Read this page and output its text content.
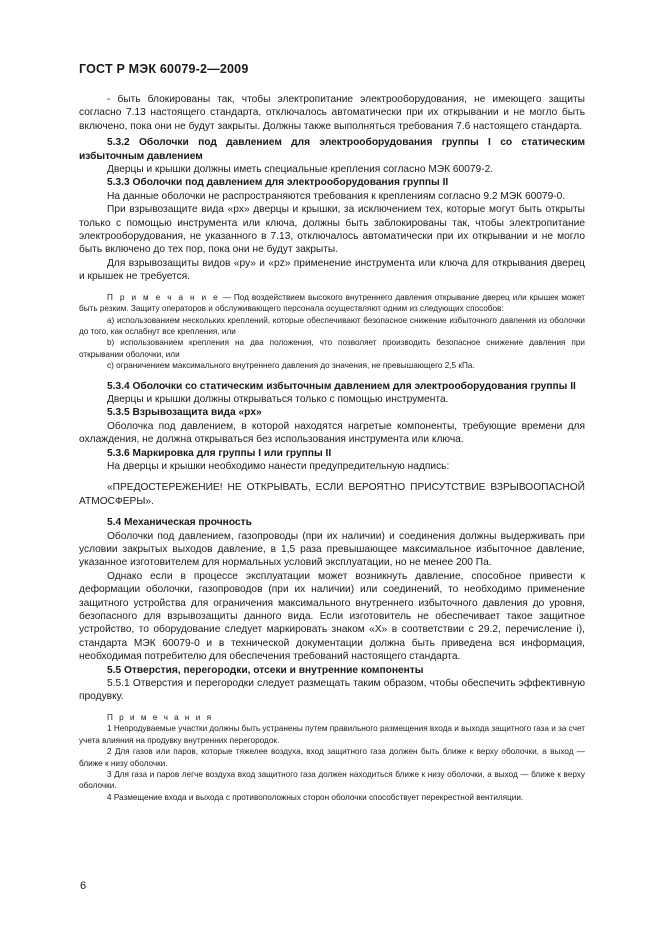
ГОСТ Р МЭК 60079-2—2009

- быть блокированы так, чтобы электропитание электрооборудования, не имеющего защиты согласно 7.13 настоящего стандарта, отключалось автоматически при их открывании и не могло быть включено, пока они не будут закрыты. Должны также выполняться требования 7.6 настоящего стандарта.

5.3.2 Оболочки под давлением для электрооборудования группы I со статическим избыточным давлением

Дверцы и крышки должны иметь специальные крепления согласно МЭК 60079-2.

5.3.3 Оболочки под давлением для электрооборудования группы II

На данные оболочки не распространяются требования к креплениям согласно 9.2 МЭК 60079-0.

При взрывозащите вида «px» дверцы и крышки, за исключением тех, которые могут быть открыты только с помощью инструмента или ключа, должны быть заблокированы так, чтобы электропитание электрооборудования, не указанного в 7.13, отключалось автоматически при их открывании и не могло быть включено до тех пор, пока они не будут закрыты.

Для взрывозащиты видов «py» и «pz» применение инструмента или ключа для открывания дверец и крышек не требуется.

П р и м е ч а н и е — Под воздействием высокого внутреннего давления открывание дверец или крышек может быть резким. Защиту операторов и обслуживающего персонала осуществляют одним из следующих способов:

a) использованием нескольких креплений, которые обеспечивают безопасное снижение избыточного давления из оболочки до того, как ослабнут все крепления, или

b) использованием крепления на два положения, что позволяет производить безопасное снижение давления при открывании оболочки, или

c) ограничением максимального внутреннего давления до значения, не превышающего 2,5 кПа.

5.3.4 Оболочки со статическим избыточным давлением для электрооборудования группы II

Дверцы и крышки должны открываться только с помощью инструмента.

5.3.5 Взрывозащита вида «px»

Оболочка под давлением, в которой находятся нагретые компоненты, требующие времени для охлаждения, не должна открываться без использования инструмента или ключа.

5.3.6 Маркировка для группы I или группы II

На дверцы и крышки необходимо нанести предупредительную надпись:

«ПРЕДОСТЕРЕЖЕНИЕ! НЕ ОТКРЫВАТЬ, ЕСЛИ ВЕРОЯТНО ПРИСУТСТВИЕ ВЗРЫВООПАСНОЙ АТМОСФЕРЫ».

5.4 Механическая прочность

Оболочки под давлением, газопроводы (при их наличии) и соединения должны выдерживать при условии закрытых выходов давление, в 1,5 раза превышающее максимальное избыточное давление, указанное изготовителем для нормальных условий эксплуатации, но не менее 200 Па.

Однако если в процессе эксплуатации может возникнуть давление, способное привести к деформации оболочки, газопроводов (при их наличии) или соединений, то необходимо применение защитного устройства для ограничения максимального внутреннего избыточного давления до уровня, безопасного для взрывозащиты данного вида. Если изготовитель не обеспечивает такое защитное устройство, то оборудование следует маркировать знаком «X» в соответствии с 29.2, перечисление i), стандарта МЭК 60079-0 и в технической документации должна быть приведена вся информация, необходимая потребителю для обеспечения требований настоящего стандарта.

5.5 Отверстия, перегородки, отсеки и внутренние компоненты

5.5.1 Отверстия и перегородки следует размещать таким образом, чтобы обеспечить эффективную продувку.

П р и м е ч а н и я

1 Непродуваемые участки должны быть устранены путем правильного размещения входа и выхода защитного газа и за счет учета влияния на продувку внутренних перегородок.

2 Для газов или паров, которые тяжелее воздуха, вход защитного газа должен быть ближе к верху оболочки, а выход — ближе к низу оболочки.

3 Для газа и паров легче воздуха вход защитного газа должен находиться ближе к низу оболочки, а выход — ближе к верху оболочки.

4 Размещение входа и выхода с противоположных сторон оболочки способствует перекрестной вентиляции.

6
